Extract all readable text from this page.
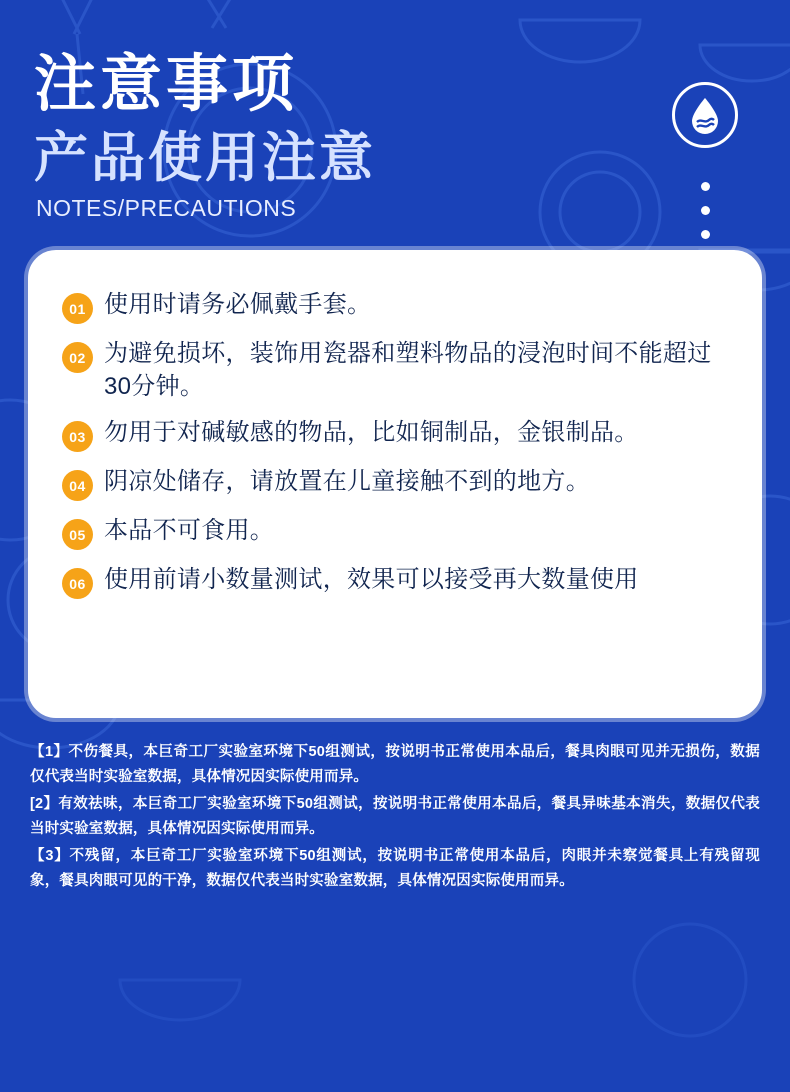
注意事项
产品使用注意
NOTES/PRECAUTIONS
01 使用时请务必佩戴手套。
02 为避免损坏，装饰用瓷器和塑料物品的浸泡时间不能超过30分钟。
03 勿用于对碱敏感的物品，比如铜制品，金银制品。
04 阴凉处储存，请放置在儿童接触不到的地方。
05 本品不可食用。
06 使用前请小数量测试，效果可以接受再大数量使用

【1】不伤餐具，本巨奇工厂实验室环境下50组测试，按说明书正常使用本品后，餐具肉眼可见并无损伤，数据仅代表当时实验室数据，具体情况因实际使用而异。

[2】有效祛味，本巨奇工厂实验室环境下50组测试，按说明书正常使用本品后，餐具异味基本消失，数据仅代表当时实验室数据，具体情况因实际使用而异。

【3】不残留，本巨奇工厂实验室环境下50组测试，按说明书正常使用本品后，肉眼并未察觉餐具上有残留现象，餐具肉眼可见的干净，数据仅代表当时实验室数据，具体情况因实际使用而异。
